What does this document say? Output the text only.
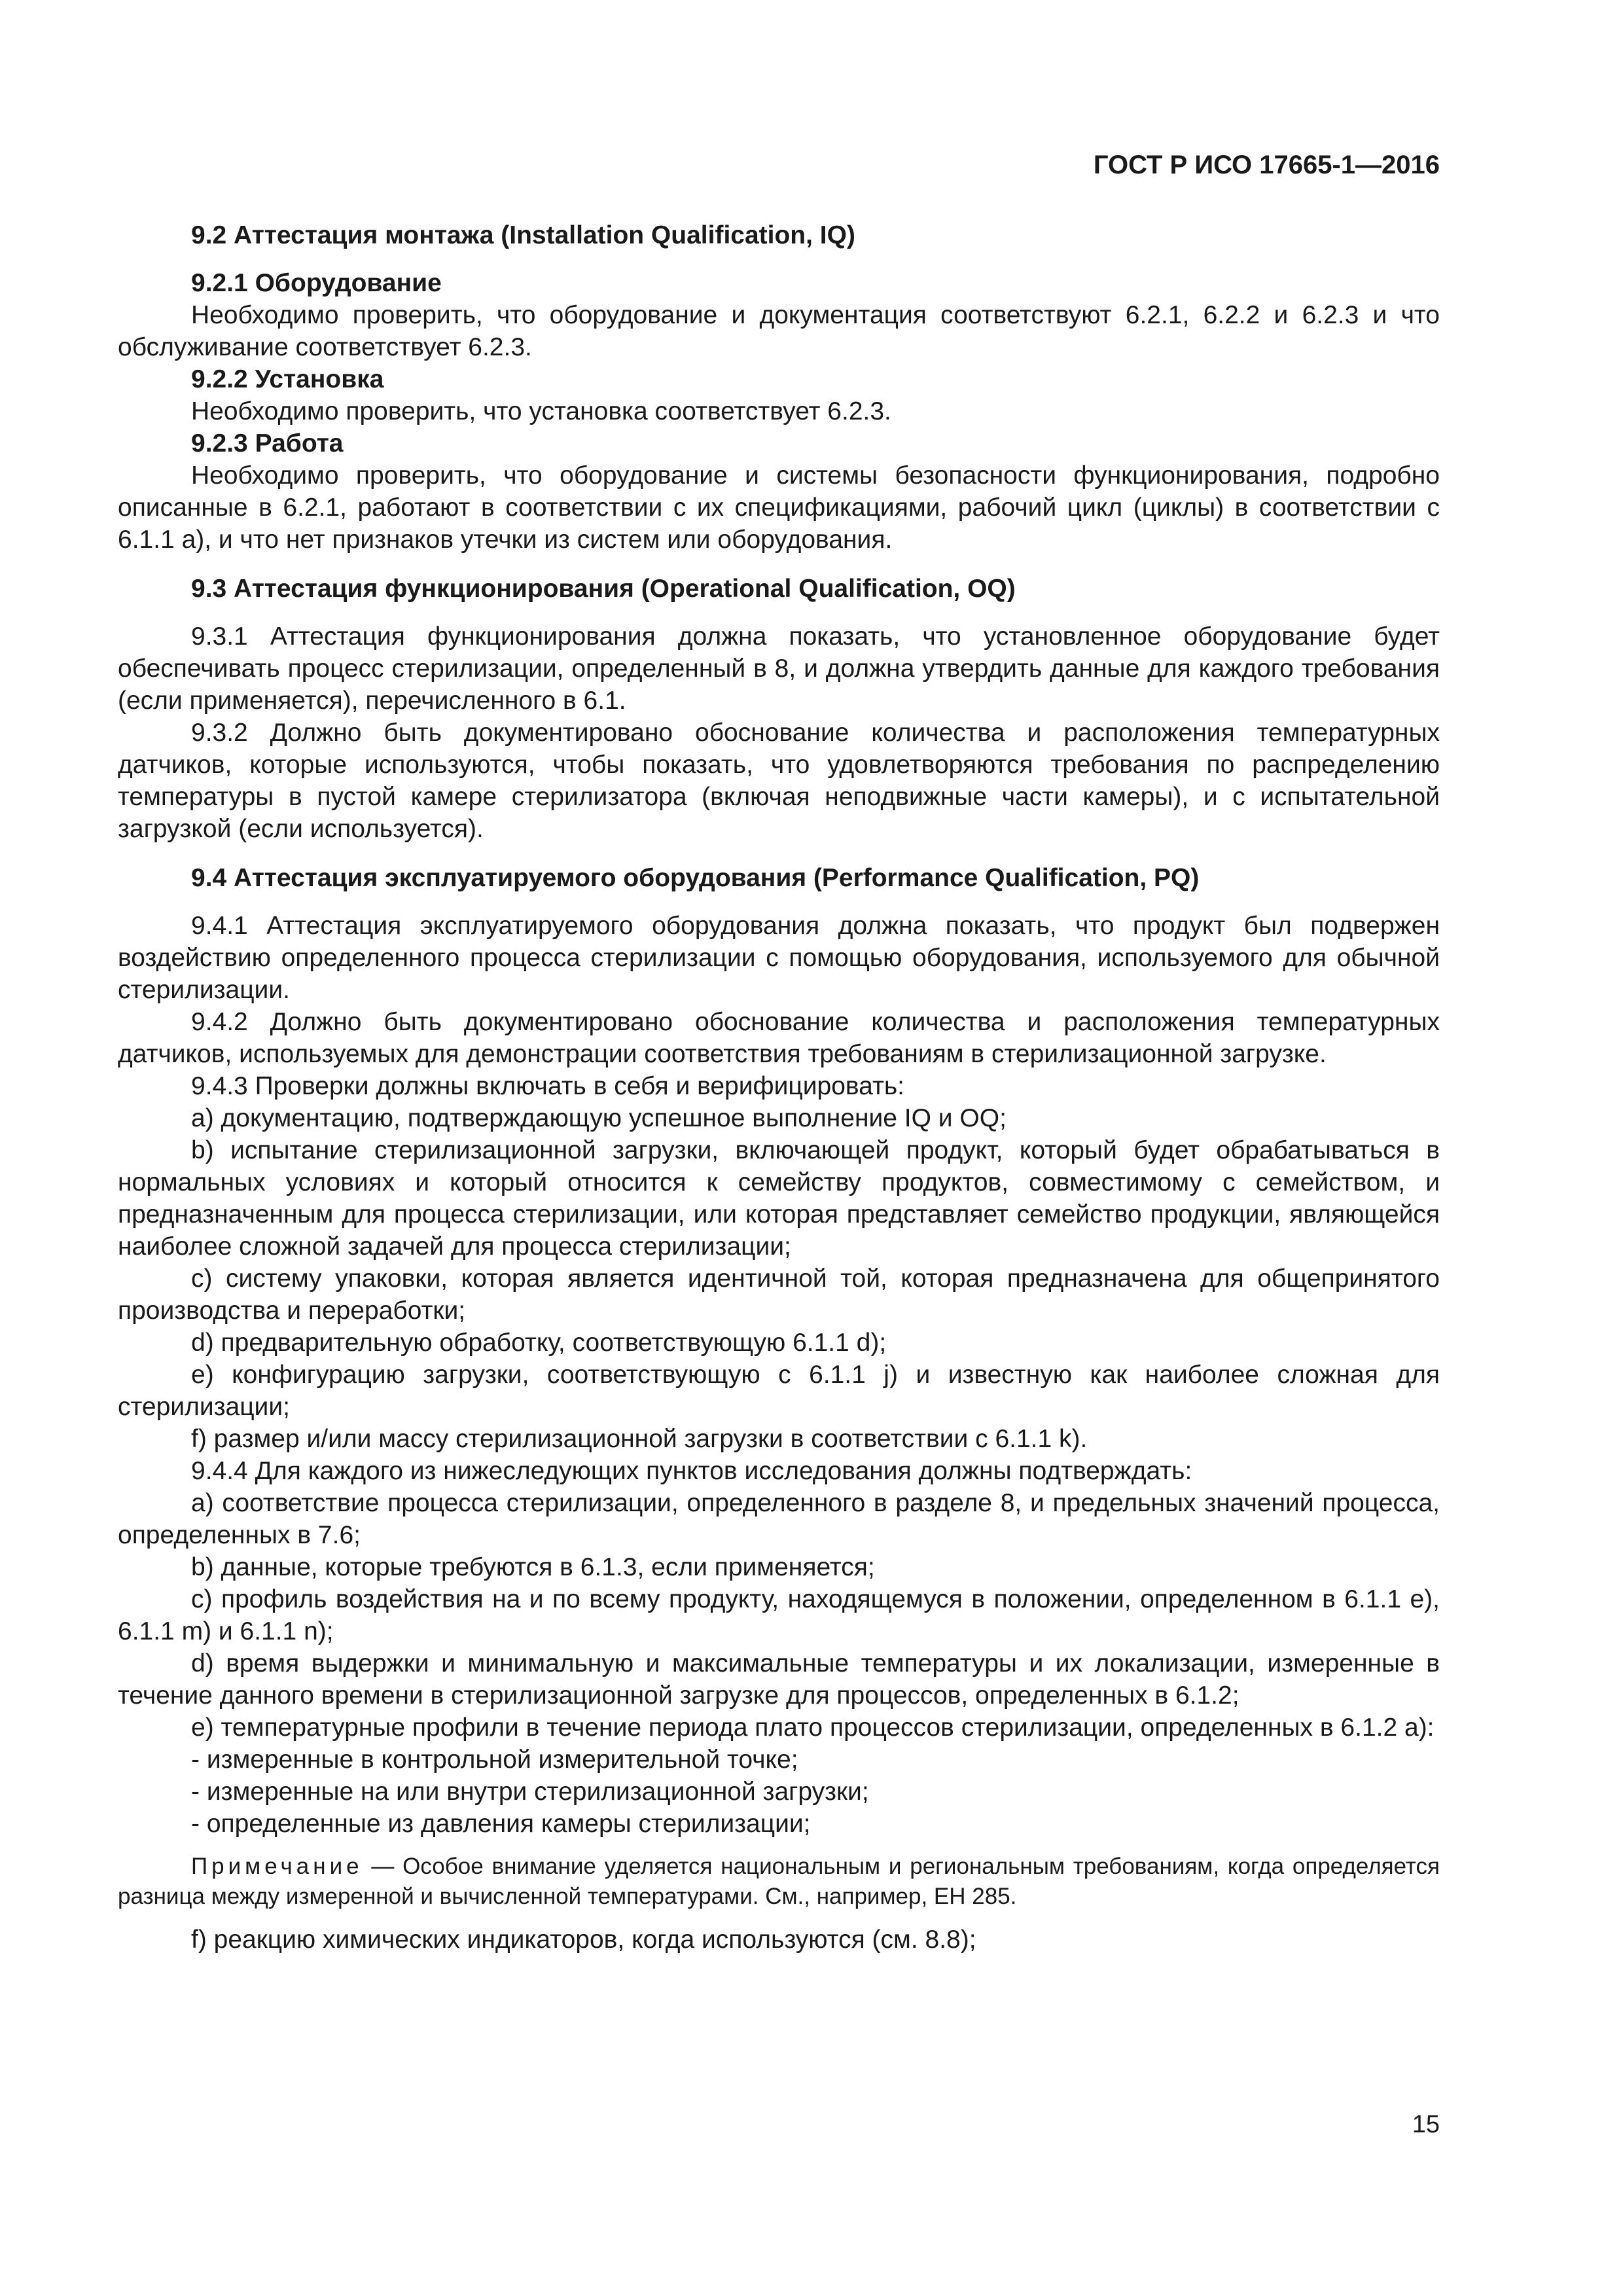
ГОСТ Р ИСО 17665-1—2016
9.2 Аттестация монтажа (Installation Qualification, IQ)
9.2.1 Оборудование

Необходимо проверить, что оборудование и документация соответствуют 6.2.1, 6.2.2 и 6.2.3 и что обслуживание соответствует 6.2.3.

9.2.2 Установка

Необходимо проверить, что установка соответствует 6.2.3.

9.2.3 Работа

Необходимо проверить, что оборудование и системы безопасности функционирования, подробно описанные в 6.2.1, работают в соответствии с их спецификациями, рабочий цикл (циклы) в соответствии с 6.1.1 a), и что нет признаков утечки из систем или оборудования.

9.3 Аттестация функционирования (Operational Qualification, OQ)

9.3.1 Аттестация функционирования должна показать, что установленное оборудование будет обеспечивать процесс стерилизации, определенный в 8, и должна утвердить данные для каждого требования (если применяется), перечисленного в 6.1.

9.3.2 Должно быть документировано обоснование количества и расположения температурных датчиков, которые используются, чтобы показать, что удовлетворяются требования по распределению температуры в пустой камере стерилизатора (включая неподвижные части камеры), и с испытательной загрузкой (если используется).

9.4 Аттестация эксплуатируемого оборудования (Performance Qualification, PQ)

9.4.1 Аттестация эксплуатируемого оборудования должна показать, что продукт был подвержен воздействию определенного процесса стерилизации с помощью оборудования, используемого для обычной стерилизации.

9.4.2 Должно быть документировано обоснование количества и расположения температурных датчиков, используемых для демонстрации соответствия требованиям в стерилизационной загрузке.

9.4.3 Проверки должны включать в себя и верифицировать:

a) документацию, подтверждающую успешное выполнение IQ и OQ;

b) испытание стерилизационной загрузки, включающей продукт, который будет обрабатываться в нормальных условиях и который относится к семейству продуктов, совместимому с семейством, и предназначенным для процесса стерилизации, или которая представляет семейство продукции, являющейся наиболее сложной задачей для процесса стерилизации;

c) систему упаковки, которая является идентичной той, которая предназначена для общепринятого производства и переработки;

d) предварительную обработку, соответствующую 6.1.1 d);

e) конфигурацию загрузки, соответствующую с 6.1.1 j) и известную как наиболее сложная для стерилизации;

f) размер и/или массу стерилизационной загрузки в соответствии с 6.1.1 k).

9.4.4 Для каждого из нижеследующих пунктов исследования должны подтверждать:

a) соответствие процесса стерилизации, определенного в разделе 8, и предельных значений процесса, определенных в 7.6;

b) данные, которые требуются в 6.1.3, если применяется;

c) профиль воздействия на и по всему продукту, находящемуся в положении, определенном в 6.1.1 e), 6.1.1 m) и 6.1.1 n);

d) время выдержки и минимальную и максимальные температуры и их локализации, измеренные в течение данного времени в стерилизационной загрузке для процессов, определенных в 6.1.2;

e) температурные профили в течение периода плато процессов стерилизации, определенных в 6.1.2 a):

- измеренные в контрольной измерительной точке;

- измеренные на или внутри стерилизационной загрузки;

- определенные из давления камеры стерилизации;

Примечание — Особое внимание уделяется национальным и региональным требованиям, когда определяется разница между измеренной и вычисленной температурами. См., например, ЕН 285.

f) реакцию химических индикаторов, когда используются (см. 8.8);

15
